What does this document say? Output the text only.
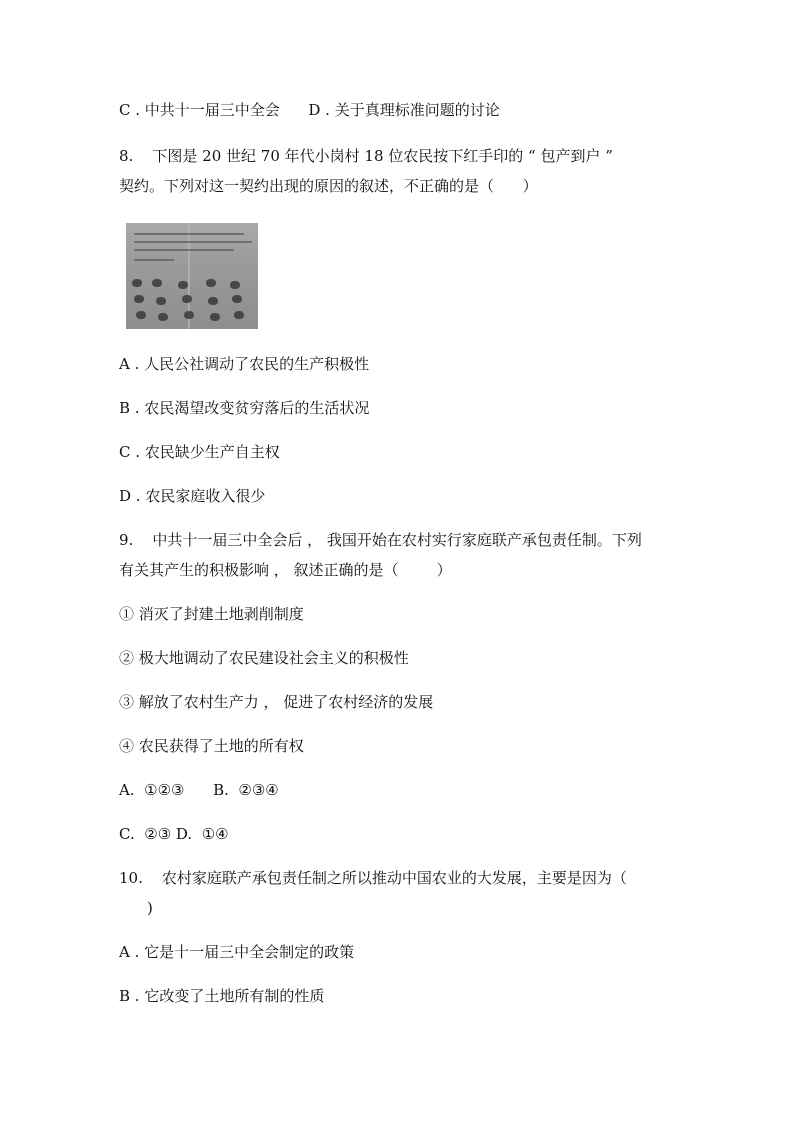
C . 中共十一届三中全会      D . 关于真理标准问题的讨论
8.    下图是 20 世纪 70 年代小岗村 18 位农民按下红手印的 “ 包产到户 ”
契约。下列对这一契约出现的原因的叙述，不正确的是（      ）
A . 人民公社调动了农民的生产积极性
B . 农民渴望改变贫穷落后的生活状况
C . 农民缺少生产自主权
D . 农民家庭收入很少
9.    中共十一届三中全会后 ， 我国开始在农村实行家庭联产承包责任制。下列
有关其产生的积极影响 ， 叙述正确的是（        ）
① 消灭了封建土地剥削制度
② 极大地调动了农民建设社会主义的积极性
③ 解放了农村生产力 ， 促进了农村经济的发展
④ 农民获得了土地的所有权
A.  ①②③      B.  ②③④
C.  ②③ D.  ①④
10.    农村家庭联产承包责任制之所以推动中国农业的大发展，主要是因为（
)
A . 它是十一届三中全会制定的政策
B . 它改变了土地所有制的性质
